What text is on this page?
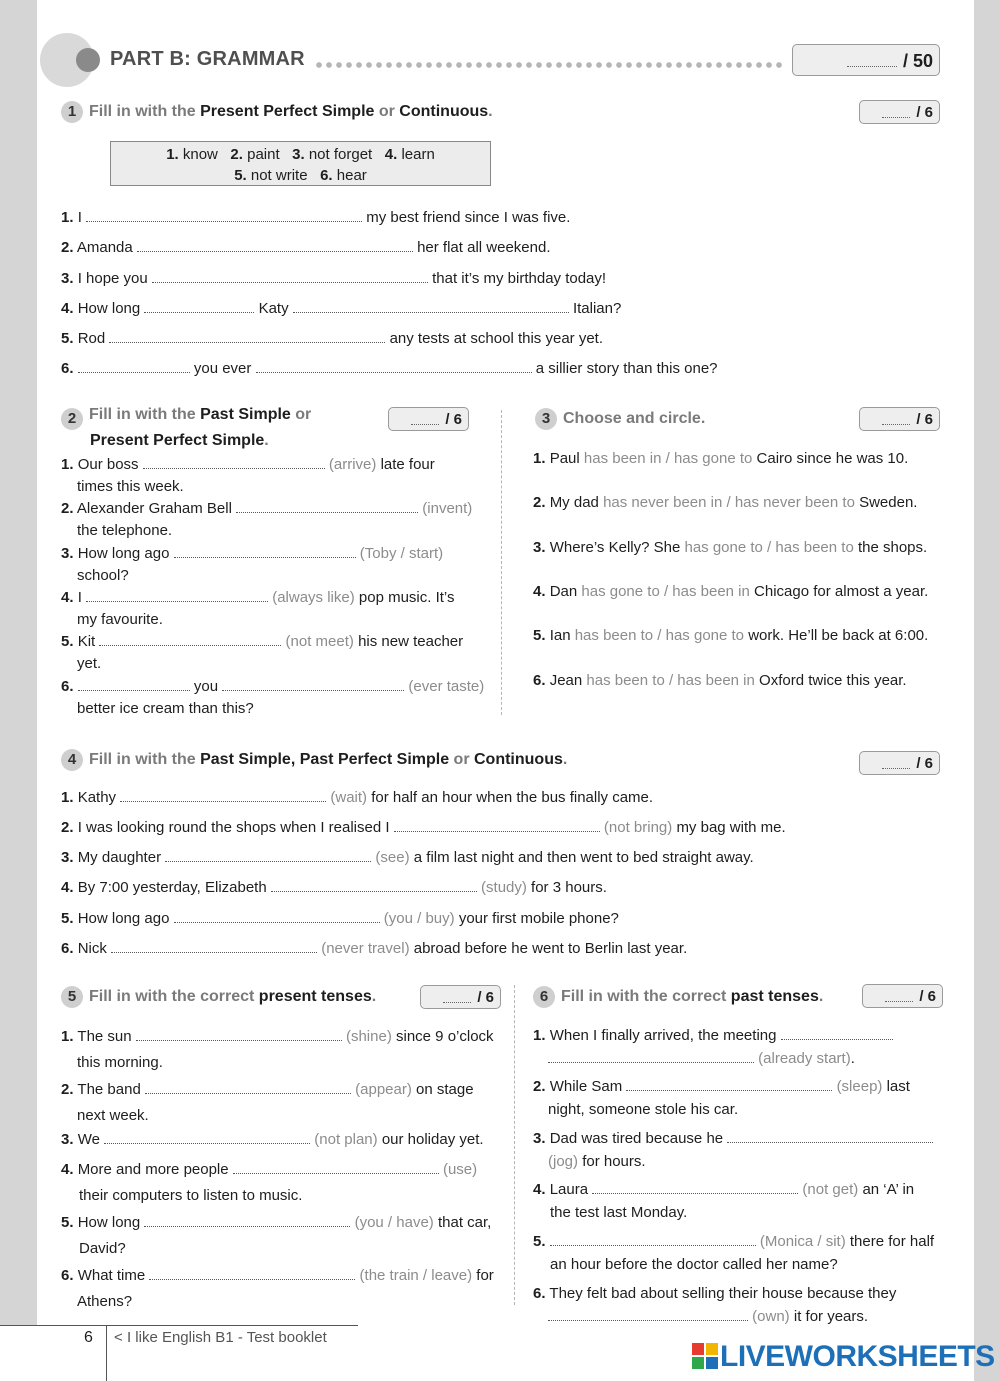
PART B: GRAMMAR	/ 50
1 Fill in with the Present Perfect Simple or Continuous.	/ 6
1. know 2. paint 3. not forget 4. learn
5. not write 6. hear
1. I	my best friend since I was five.
2. Amanda	her flat all weekend.
3. I hope you	that it’s my birthday today!
4. How long	Katy	Italian?
5. Rod	any tests at school this year yet.
6.	you ever	a sillier story than this one?
2 Fill in with the Past Simple or
Present Perfect Simple.
/ 6
1. Our boss	(arrive) late four
times this week.
2. Alexander Graham Bell	(invent)
the telephone.
3. How long ago	(Toby / start)
school?
4. I	(always like) pop music. It’s
my favourite.
5. Kit	(not meet) his new teacher
yet.
6.	you	(ever taste)
better ice cream than this?
3 Choose and circle.	/ 6
1. Paul has been in / has gone to Cairo since he was 10.
2. My dad has never been in / has never been to Sweden.
3. Where’s Kelly? She has gone to / has been to the shops.
4. Dan has gone to / has been in Chicago for almost a year.
5. Ian has been to / has gone to work. He’ll be back at 6:00.
6. Jean has been to / has been in Oxford twice this year.
4 Fill in with the Past Simple, Past Perfect Simple or Continuous.	/ 6
1. Kathy	(wait) for half an hour when the bus finally came.
2. I was looking round the shops when I realised I	(not bring) my bag with me.
3. My daughter	(see) a film last night and then went to bed straight away.
4. By 7:00 yesterday, Elizabeth	(study) for 3 hours.
5. How long ago	(you / buy) your first mobile phone?
6. Nick	(never travel) abroad before he went to Berlin last year.
5 Fill in with the correct present tenses.	/ 6
1. The sun	(shine) since 9 o’clock
this morning.
2. The band	(appear) on stage
next week.
3. We	(not plan) our holiday yet.
4. More and more people	(use)
their computers to listen to music.
5. How long	(you / have) that car,
David?
6. What time	(the train / leave) for
Athens?
6 Fill in with the correct past tenses.	/ 6
1. When I finally arrived, the meeting
(already start).
2. While Sam	(sleep) last
night, someone stole his car.
3. Dad was tired because he
(jog) for hours.
4. Laura	(not get) an ‘A’ in
the test last Monday.
5.	(Monica / sit) there for half
an hour before the doctor called her name?
6. They felt bad about selling their house because they
(own) it for years.
6 < I like English B1 - Test booklet
LIVEWORKSHEETS
